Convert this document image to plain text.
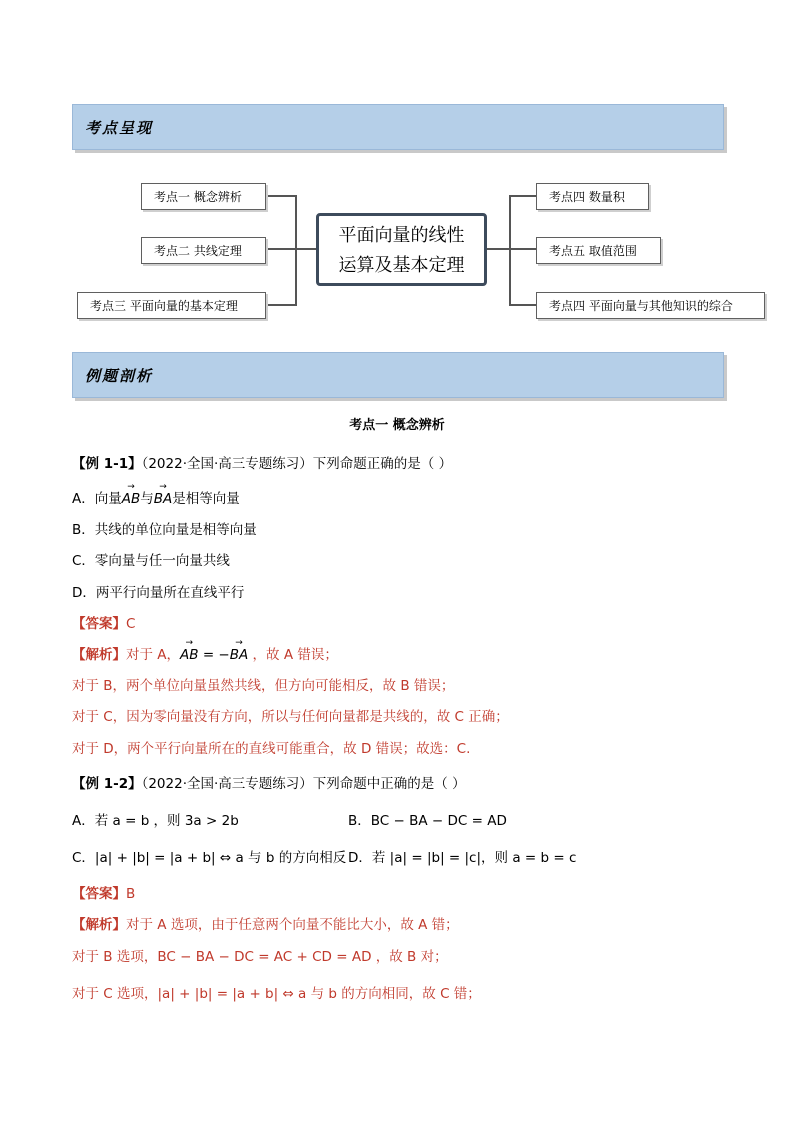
考点呈现
考点一 概念辨析
考点二 共线定理
考点三 平面向量的基本定理
平面向量的线性
运算及基本定理
考点四 数量积
考点五 取值范围
考点四 平面向量与其他知识的综合
例题剖析
考点一 概念辨析
【例 1-1】（2022·全国·高三专题练习）下列命题正确的是（ ）
A．向量→ AB与→ BA是相等向量
B．共线的单位向量是相等向量
C．零向量与任一向量共线
D．两平行向量所在直线平行
【答案】C
【解析】对于 A，→ AB = −→ BA ，故 A 错误；
对于 B，两个单位向量虽然共线，但方向可能相反，故 B 错误；
对于 C，因为零向量没有方向，所以与任何向量都是共线的，故 C 正确；
对于 D，两个平行向量所在的直线可能重合，故 D 错误；故选：C.
【例 1-2】（2022·全国·高三专题练习）下列命题中正确的是（ ）
A．若 a = b ，则 3a > 2b	B．BC − BA − DC = AD
C．|a| + |b| = |a + b| ⇔ a 与 b 的方向相反 D．若 |a| = |b| = |c|，则 a = b = c
【答案】B
【解析】对于 A 选项，由于任意两个向量不能比大小，故 A 错；
对于 B 选项，BC − BA − DC = AC + CD = AD ，故 B 对；
对于 C 选项，|a| + |b| = |a + b| ⇔ a 与 b 的方向相同，故 C 错；
